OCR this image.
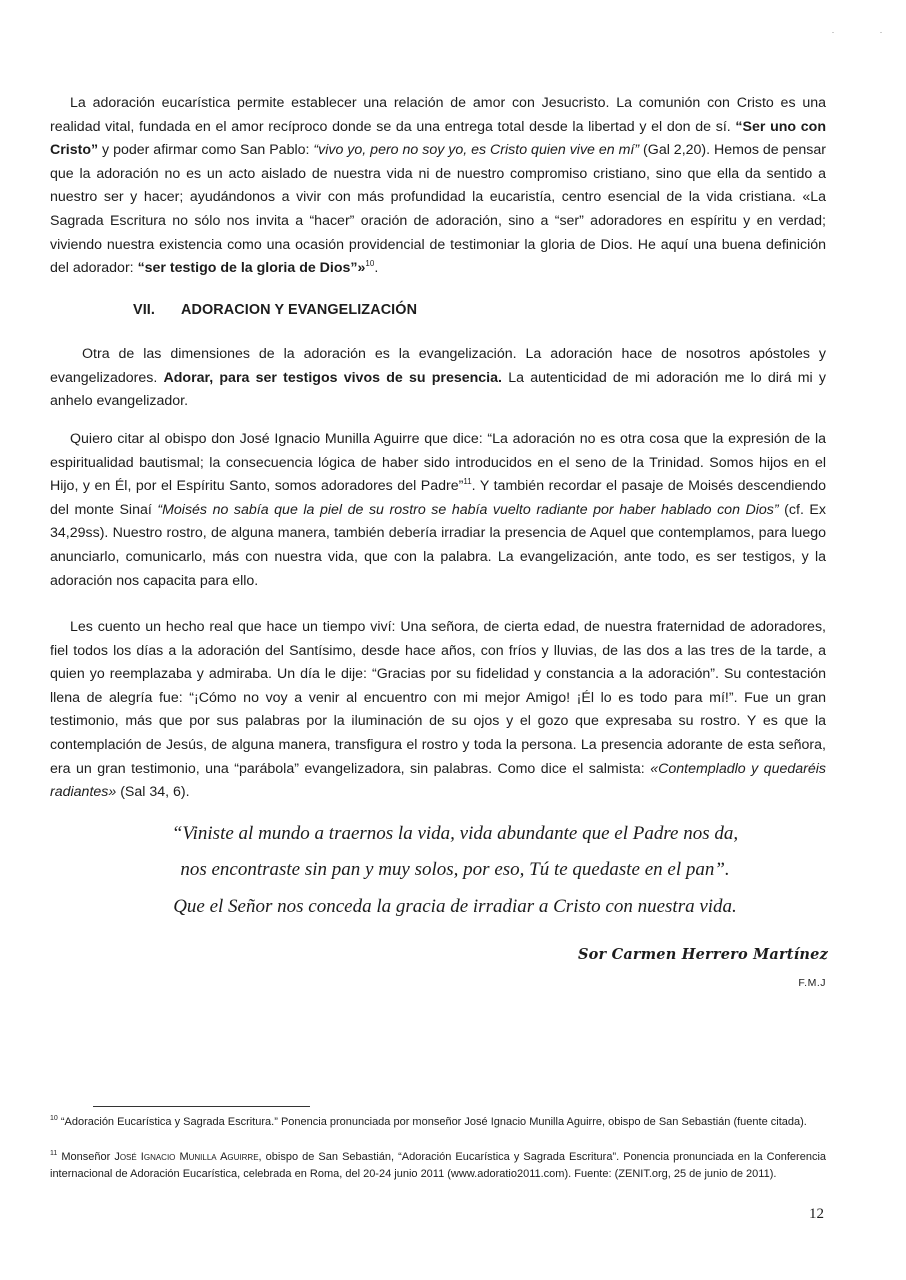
La adoración eucarística permite establecer una relación de amor con Jesucristo. La comunión con Cristo es una realidad vital, fundada en el amor recíproco donde se da una entrega total desde la libertad y el don de sí. “Ser uno con Cristo” y poder afirmar como San Pablo: “vivo yo, pero no soy yo, es Cristo quien vive en mí” (Gal 2,20). Hemos de pensar que la adoración no es un acto aislado de nuestra vida ni de nuestro compromiso cristiano, sino que ella da sentido a nuestro ser y hacer; ayudándonos a vivir con más profundidad la eucaristía, centro esencial de la vida cristiana. «La Sagrada Escritura no sólo nos invita a “hacer” oración de adoración, sino a “ser” adoradores en espíritu y en verdad; viviendo nuestra existencia como una ocasión providencial de testimoniar la gloria de Dios. He aquí una buena definición del adorador: “ser testigo de la gloria de Dios”»$^{10}$.

VII. ADORACION Y EVANGELIZACIÓN

Otra de las dimensiones de la adoración es la evangelización. La adoración hace de nosotros apóstoles y evangelizadores. Adorar, para ser testigos vivos de su presencia. La autenticidad de mi adoración me lo dirá mi y anhelo evangelizador.

Quiero citar al obispo don José Ignacio Munilla Aguirre que dice: “La adoración no es otra cosa que la expresión de la espiritualidad bautismal; la consecuencia lógica de haber sido introducidos en el seno de la Trinidad. Somos hijos en el Hijo, y en Él, por el Espíritu Santo, somos adoradores del Padre”$^{11}$. Y también recordar el pasaje de Moisés descendiendo del monte Sinaí “Moisés no sabía que la piel de su rostro se había vuelto radiante por haber hablado con Dios” (cf. Ex 34,29ss). Nuestro rostro, de alguna manera, también debería irradiar la presencia de Aquel que contemplamos, para luego anunciarlo, comunicarlo, más con nuestra vida, que con la palabra. La evangelización, ante todo, es ser testigos, y la adoración nos capacita para ello.

Les cuento un hecho real que hace un tiempo viví: Una señora, de cierta edad, de nuestra fraternidad de adoradores, fiel todos los días a la adoración del Santísimo, desde hace años, con fríos y lluvias, de las dos a las tres de la tarde, a quien yo reemplazaba y admiraba. Un día le dije: “Gracias por su fidelidad y constancia a la adoración”. Su contestación llena de alegría fue: “¡Cómo no voy a venir al encuentro con mi mejor Amigo! ¡Él lo es todo para mí!”. Fue un gran testimonio, más que por sus palabras por la iluminación de su ojos y el gozo que expresaba su rostro. Y es que la contemplación de Jesús, de alguna manera, transfigura el rostro y toda la persona. La presencia adorante de esta señora, era un gran testimonio, una “parábola” evangelizadora, sin palabras. Como dice el salmista: «Contempladlo y quedaréis radiantes» (Sal 34, 6).

“Viniste al mundo a traernos la vida, vida abundante que el Padre nos da,
nos encontraste sin pan y muy solos, por eso, Tú te quedaste en el pan”.
Que el Señor nos conceda la gracia de irradiar a Cristo con nuestra vida.
Sor Carmen Herrero Martínez
F.M.J

$^{10}$ “Adoración Eucarística y Sagrada Escritura.” Ponencia pronunciada por monseñor José Ignacio Munilla Aguirre, obispo de San Sebastián (fuente citada).

$^{11}$ Monseñor José Ignacio Munilla Aguirre, obispo de San Sebastián, “Adoración Eucarística y Sagrada Escritura”. Ponencia pronunciada en la Conferencia internacional de Adoración Eucarística, celebrada en Roma, del 20-24 junio 2011 (www.adoratio2011.com). Fuente: (ZENIT.org, 25 de junio de 2011).

12
